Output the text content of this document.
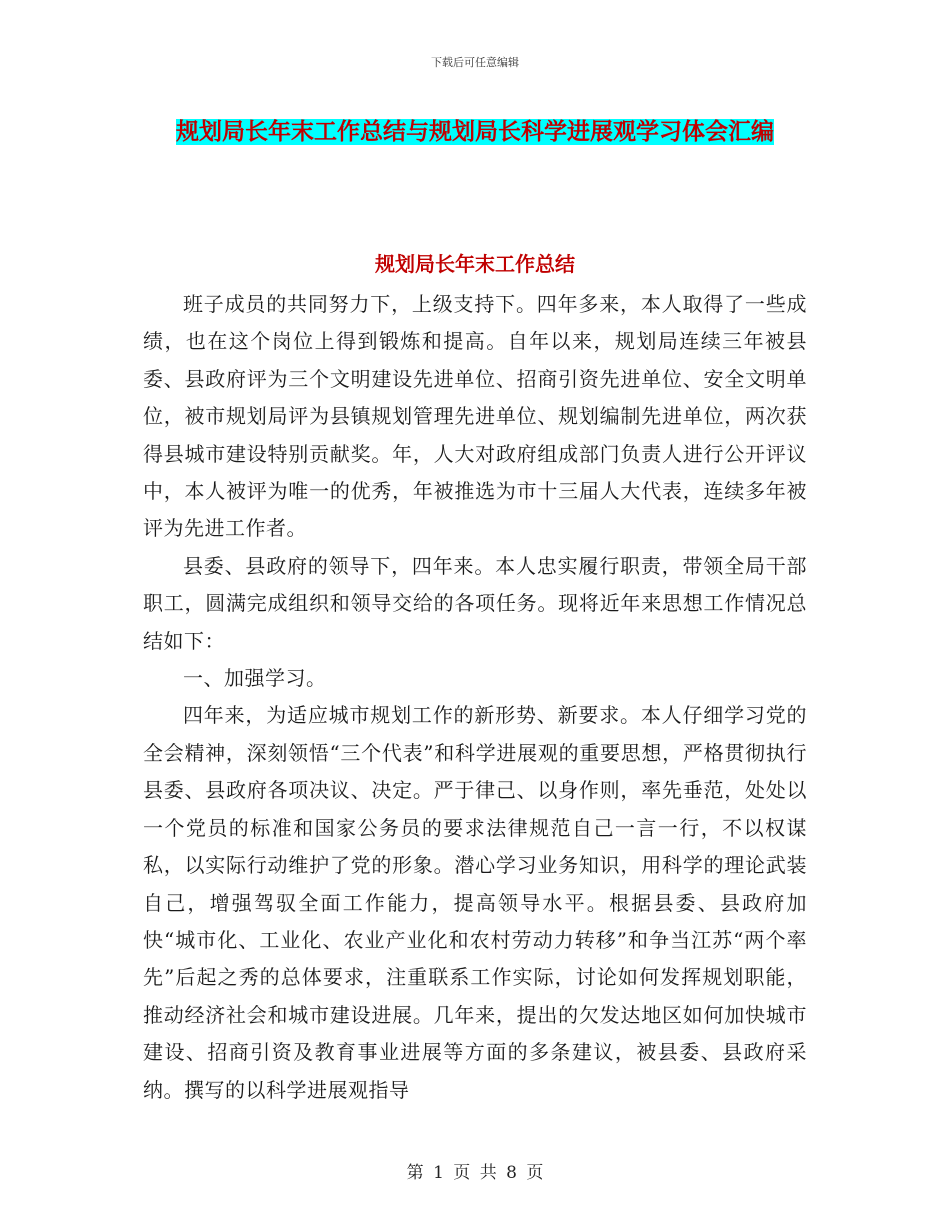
下载后可任意编辑
规划局长年末工作总结与规划局长科学进展观学习体会汇编
规划局长年末工作总结

班子成员的共同努力下，上级支持下。四年多来，本人取得了一些成绩，也在这个岗位上得到锻炼和提高。自年以来，规划局连续三年被县委、县政府评为三个文明建设先进单位、招商引资先进单位、安全文明单位，被市规划局评为县镇规划管理先进单位、规划编制先进单位，两次获得县城市建设特别贡献奖。年，人大对政府组成部门负责人进行公开评议中，本人被评为唯一的优秀，年被推选为市十三届人大代表，连续多年被评为先进工作者。

县委、县政府的领导下，四年来。本人忠实履行职责，带领全局干部职工，圆满完成组织和领导交给的各项任务。现将近年来思想工作情况总结如下：

一、加强学习。

四年来，为适应城市规划工作的新形势、新要求。本人仔细学习党的全会精神，深刻领悟“三个代表”和科学进展观的重要思想，严格贯彻执行县委、县政府各项决议、决定。严于律己、以身作则，率先垂范，处处以一个党员的标准和国家公务员的要求法律规范自己一言一行，不以权谋私，以实际行动维护了党的形象。潜心学习业务知识，用科学的理论武装自己，增强驾驭全面工作能力，提高领导水平。根据县委、县政府加快“城市化、工业化、农业产业化和农村劳动力转移”和争当江苏“两个率先”后起之秀的总体要求，注重联系工作实际，讨论如何发挥规划职能，推动经济社会和城市建设进展。几年来，提出的欠发达地区如何加快城市建设、招商引资及教育事业进展等方面的多条建议，被县委、县政府采纳。撰写的以科学进展观指导

第 1 页 共 8 页
